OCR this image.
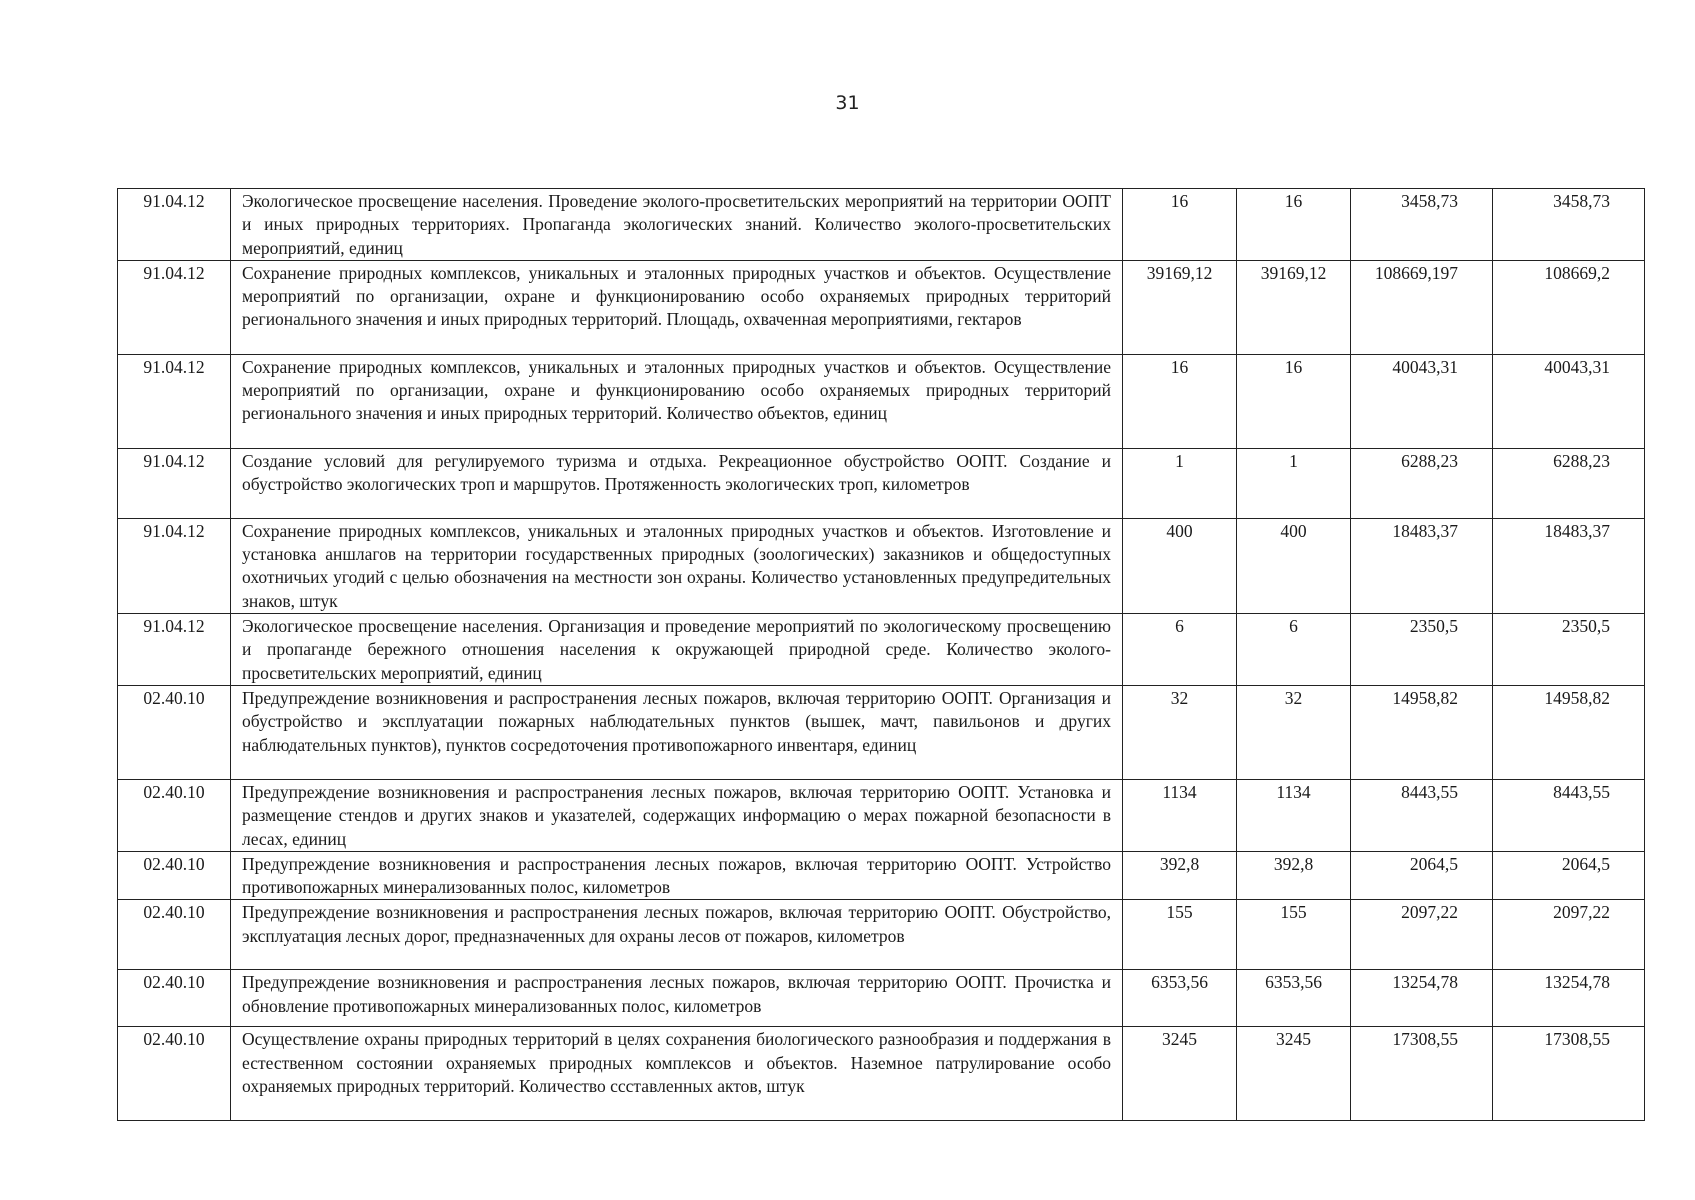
31
91.04.12	Экологическое просвещение населения. Проведение эколого-просветительских мероприятий на территории ООПТ и иных природных территориях. Пропаганда экологических знаний. Количество эколого-просветительских мероприятий, единиц	16	16	3458,73	3458,73
91.04.12	Сохранение природных комплексов, уникальных и эталонных природных участков и объектов. Осуществление мероприятий по организации, охране и функционированию особо охраняемых природных территорий регионального значения и иных природных территорий. Площадь, охваченная мероприятиями, гектаров	39169,12	39169,12	108669,197	108669,2
91.04.12	Сохранение природных комплексов, уникальных и эталонных природных участков и объектов. Осуществление мероприятий по организации, охране и функционированию особо охраняемых природных территорий регионального значения и иных природных территорий. Количество объектов, единиц	16	16	40043,31	40043,31
91.04.12	Создание условий для регулируемого туризма и отдыха. Рекреационное обустройство ООПТ. Создание и обустройство экологических троп и маршрутов. Протяженность экологических троп, километров	1	1	6288,23	6288,23
91.04.12	Сохранение природных комплексов, уникальных и эталонных природных участков и объектов. Изготовление и установка аншлагов на территории государственных природных (зоологических) заказников и общедоступных охотничьих угодий с целью обозначения на местности зон охраны. Количество установленных предупредительных знаков, штук	400	400	18483,37	18483,37
91.04.12	Экологическое просвещение населения. Организация и проведение мероприятий по экологическому просвещению и пропаганде бережного отношения населения к окружающей природной среде. Количество эколого-просветительских мероприятий, единиц	6	6	2350,5	2350,5
02.40.10	Предупреждение возникновения и распространения лесных пожаров, включая территорию ООПТ. Организация и обустройство и эксплуатации пожарных наблюдательных пунктов (вышек, мачт, павильонов и других наблюдательных пунктов), пунктов сосредоточения противопожарного инвентаря, единиц	32	32	14958,82	14958,82
02.40.10	Предупреждение возникновения и распространения лесных пожаров, включая территорию ООПТ. Установка и размещение стендов и других знаков и указателей, содержащих информацию о мерах пожарной безопасности в лесах, единиц	1134	1134	8443,55	8443,55
02.40.10	Предупреждение возникновения и распространения лесных пожаров, включая территорию ООПТ. Устройство противопожарных минерализованных полос, километров	392,8	392,8	2064,5	2064,5
02.40.10	Предупреждение возникновения и распространения лесных пожаров, включая территорию ООПТ. Обустройство, эксплуатация лесных дорог, предназначенных для охраны лесов от пожаров, километров	155	155	2097,22	2097,22
02.40.10	Предупреждение возникновения и распространения лесных пожаров, включая территорию ООПТ. Прочистка и обновление противопожарных минерализованных полос, километров	6353,56	6353,56	13254,78	13254,78
02.40.10	Осуществление охраны природных территорий в целях сохранения биологического разнообразия и поддержания в естественном состоянии охраняемых природных комплексов и объектов. Наземное патрулирование особо охраняемых природных территорий. Количество сcставленных актов, штук	3245	3245	17308,55	17308,55
